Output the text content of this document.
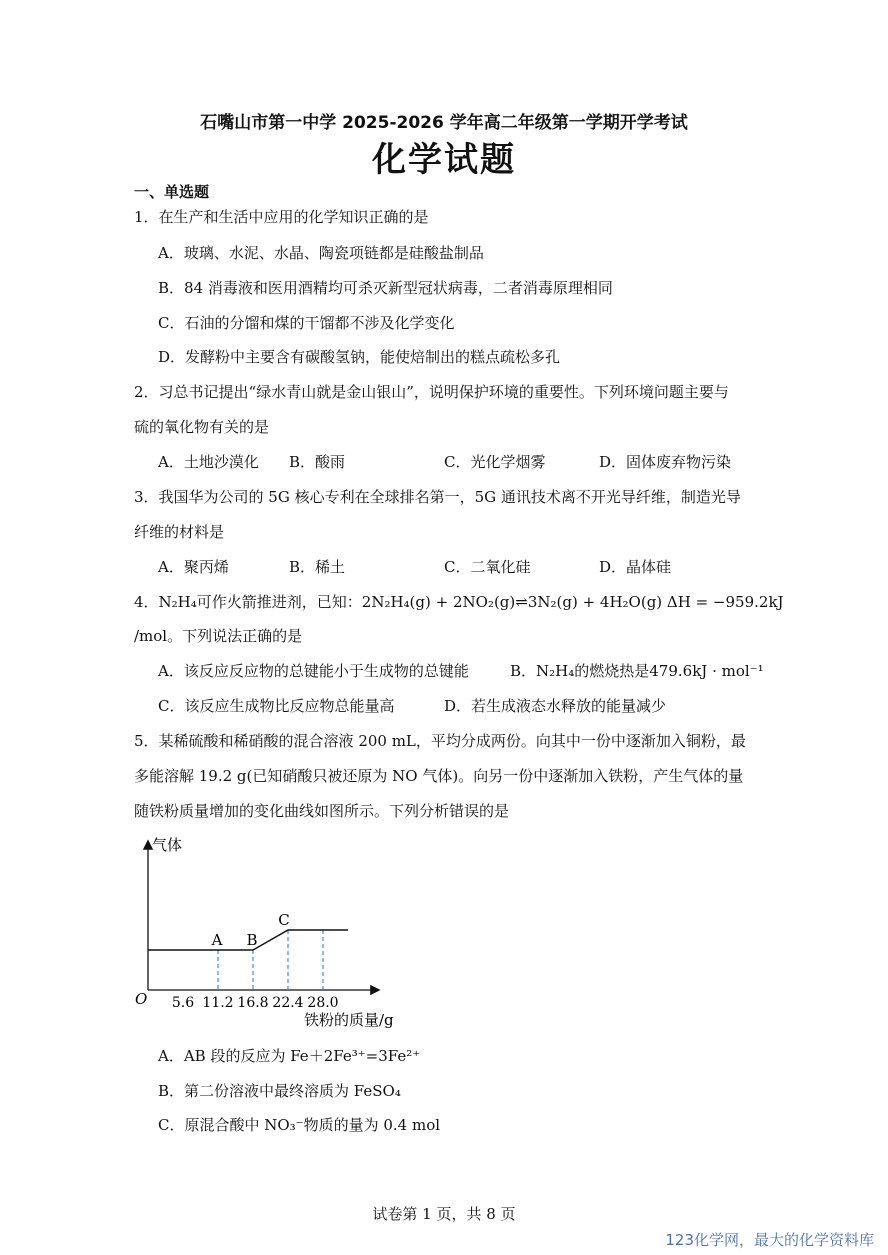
石嘴山市第一中学 2025-2026 学年高二年级第一学期开学考试
化学试题
一、单选题
1．在生产和生活中应用的化学知识正确的是
A．玻璃、水泥、水晶、陶瓷项链都是硅酸盐制品
B．84 消毒液和医用酒精均可杀灭新型冠状病毒，二者消毒原理相同
C．石油的分馏和煤的干馏都不涉及化学变化
D．发酵粉中主要含有碳酸氢钠，能使焙制出的糕点疏松多孔
2．习总书记提出“绿水青山就是金山银山”，说明保护环境的重要性。下列环境问题主要与
硫的氧化物有关的是
A．土地沙漠化 B．酸雨	C．光化学烟雾	D．固体废弃物污染
3．我国华为公司的 5G 核心专利在全球排名第一，5G 通讯技术离不开光导纤维，制造光导
纤维的材料是
A．聚丙烯	B．稀土	C．二氧化硅	D．晶体硅
4．N₂H₄可作火箭推进剂，已知：2N₂H₄(g) + 2NO₂(g)⇌3N₂(g) + 4H₂O(g) ΔH = −959.2kJ
/mol。下列说法正确的是
A．该反应反应物的总键能小于生成物的总键能	B．N₂H₄的燃烧热是479.6kJ · mol⁻¹
C．该反应生成物比反应物总能量高	D．若生成液态水释放的能量减少
5．某稀硫酸和稀硝酸的混合溶液 200 mL，平均分成两份。向其中一份中逐渐加入铜粉，最
多能溶解 19.2 g(已知硝酸只被还原为 NO 气体)。向另一份中逐渐加入铁粉，产生气体的量
随铁粉质量增加的变化曲线如图所示。下列分析错误的是
气体
O
铁粉的质量/g
5.6 11.2 16.8 22.4 28.0
A B
C
A．AB 段的反应为 Fe＋2Fe³⁺=3Fe²⁺
B．第二份溶液中最终溶质为 FeSO₄
C．原混合酸中 NO₃⁻物质的量为 0.4 mol
试卷第 1 页，共 8 页
123化学网，最大的化学资料库
